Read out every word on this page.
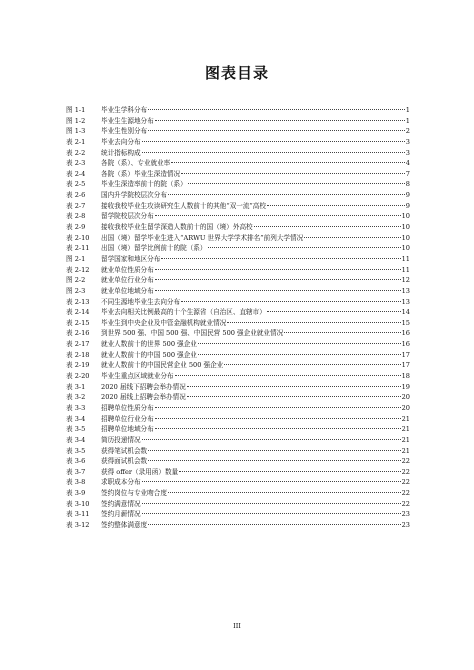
图表目录
图 1-1	毕业生学科分布	1
图 1-2	毕业生生源地分布	1
图 1-3	毕业生性别分布	2
表 2-1	毕业去向分布	3
表 2-2	统计指标构成	3
表 2-3	各院（系）、专业就业率	4
表 2-4	各院（系）毕业生深造情况	7
表 2-5	毕业生深造率前十的院（系）	8
表 2-6	国内升学院校层次分布	9
表 2-7	接收我校毕业生攻读研究生人数前十的其他“双一流”高校	9
表 2-8	留学院校层次分布	10
表 2-9	接收我校毕业生留学深造人数前十的国（境）外高校	10
表 2-10	出国（境）留学毕业生进入“ARWU 世界大学学术排名”前列大学情况	10
表 2-11	出国（境）留学比例前十的院（系）	10
图 2-1	留学国家和地区分布	11
表 2-12	就业单位性质分布	11
图 2-2	就业单位行业分布	12
图 2-3	就业单位地域分布	13
表 2-13	不同生源地毕业生去向分布	13
表 2-14	毕业去向相关比例最高的十个生源省（自治区、直辖市）	14
表 2-15	毕业生到中央企业及中管金融机构就业情况	15
表 2-16	到世界 500 强、中国 500 强、中国民营 500 强企业就业情况	16
表 2-17	就业人数前十的世界 500 强企业	16
表 2-18	就业人数前十的中国 500 强企业	17
表 2-19	就业人数前十的中国民营企业 500 强企业	17
表 2-20	毕业生重点区域就业分布	18
表 3-1	2020 届线下招聘会举办情况	19
表 3-2	2020 届线上招聘会举办情况	20
表 3-3	招聘单位性质分布	20
表 3-4	招聘单位行业分布	21
表 3-5	招聘单位地域分布	21
表 3-4	简历投递情况	21
表 3-5	获得笔试机会数	21
表 3-6	获得面试机会数	22
表 3-7	获得 offer（录用函）数量	22
表 3-8	求职成本分布	22
表 3-9	签约岗位与专业吻合度	22
表 3-10	签约满意情况	22
表 3-11	签约月薪情况	23
表 3-12	签约整体满意度	23
III
